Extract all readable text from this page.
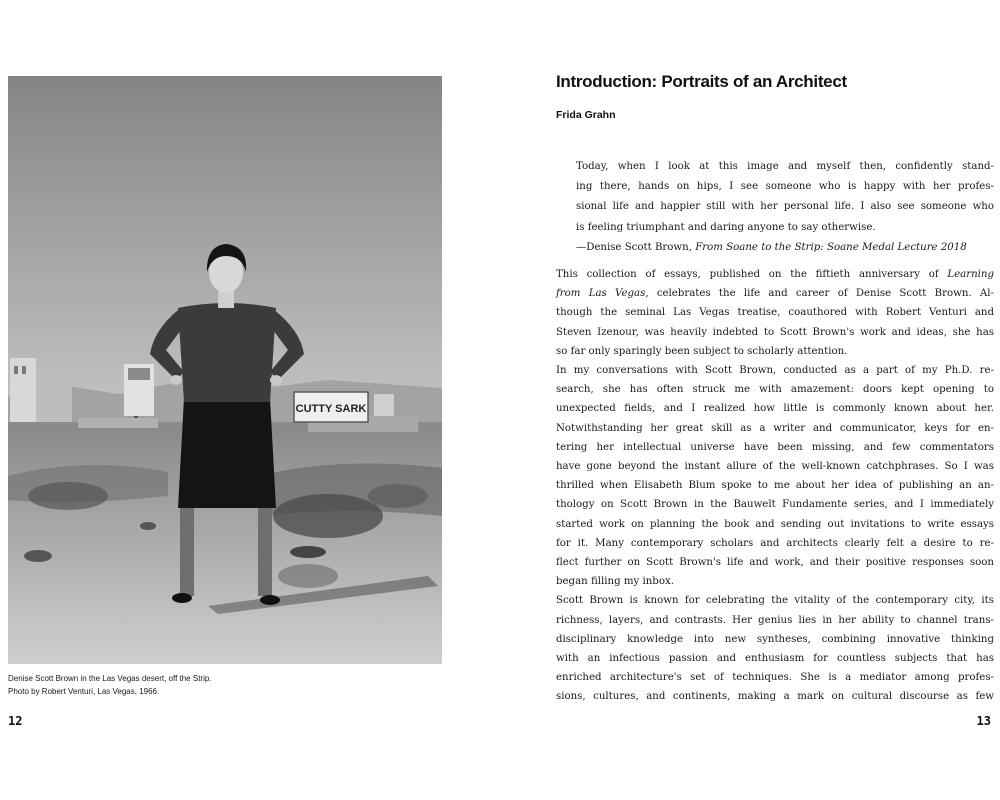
CUTTY SARK
Denise Scott Brown in the Las Vegas desert, off the Strip.
Photo by Robert Venturi, Las Vegas, 1966.
12
Introduction: Portraits of an Architect
Frida Grahn
Today, when I look at this image and myself then, confidently stand-
ing there, hands on hips, I see someone who is happy with her profes-
sional life and happier still with her personal life. I also see someone who
is feeling triumphant and daring anyone to say otherwise.
—Denise Scott Brown, From Soane to the Strip: Soane Medal Lecture 2018
This collection of essays, published on the fiftieth anniversary of Learning
from Las Vegas, celebrates the life and career of Denise Scott Brown. Al-
though the seminal Las Vegas treatise, coauthored with Robert Venturi and
Steven Izenour, was heavily indebted to Scott Brown's work and ideas, she has
so far only sparingly been subject to scholarly attention.
In my conversations with Scott Brown, conducted as a part of my Ph.D. re-
search, she has often struck me with amazement: doors kept opening to
unexpected fields, and I realized how little is commonly known about her.
Notwithstanding her great skill as a writer and communicator, keys for en-
tering her intellectual universe have been missing, and few commentators
have gone beyond the instant allure of the well-known catchphrases. So I was
thrilled when Elisabeth Blum spoke to me about her idea of publishing an an-
thology on Scott Brown in the Bauwelt Fundamente series, and I immediately
started work on planning the book and sending out invitations to write essays
for it. Many contemporary scholars and architects clearly felt a desire to re-
flect further on Scott Brown's life and work, and their positive responses soon
began filling my inbox.
Scott Brown is known for celebrating the vitality of the contemporary city, its
richness, layers, and contrasts. Her genius lies in her ability to channel trans-
disciplinary knowledge into new syntheses, combining innovative thinking
with an infectious passion and enthusiasm for countless subjects that has
enriched architecture's set of techniques. She is a mediator among profes-
sions, cultures, and continents, making a mark on cultural discourse as few
13
